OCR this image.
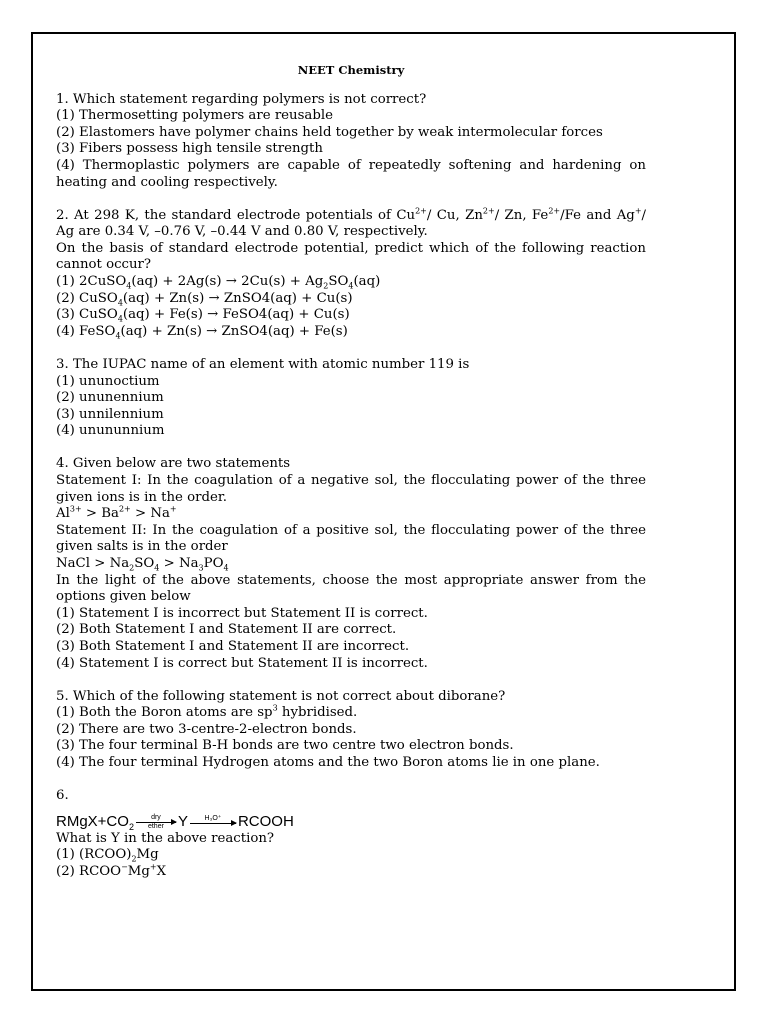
NEET Chemistry
1. Which statement regarding polymers is not correct?
(1) Thermosetting polymers are reusable
(2) Elastomers have polymer chains held together by weak intermolecular forces
(3) Fibers possess high tensile strength
(4) Thermoplastic polymers are capable of repeatedly softening and hardening on heating and cooling respectively.
2. At 298 K, the standard electrode potentials of $Cu^{2+}/$ Cu, $Zn^{2+}/$ Zn, $Fe^{2+}/Fe$ and Ag+/ Ag are 0.34 V, –0.76 V, –0.44 V and 0.80 V, respectively.
On the basis of standard electrode potential, predict which of the following reaction cannot occur?
(1) 2CuSO$_4$(aq) + $2Ag(s) \to 2Cu(s) + Ag_2SO_4(aq)$
(2) CuSO$_4$(aq) + Zn(s) → ZnSO4(aq) + Cu(s)
(3) CuSO$_4$(aq) + Fe(s) → FeSO4(aq) + Cu(s)
(4) FeSO$_4$(aq) + Zn(s) → ZnSO4(aq) + Fe(s)
3. The IUPAC name of an element with atomic number 119 is
(1) ununoctium
(2) ununennium
(3) unnilennium
(4) unununnium
4. Given below are two statements
Statement I: In the coagulation of a negative sol, the flocculating power of the three given ions is in the order.
$Al^{3+} > Ba^{2+} > Na^+$
Statement II: In the coagulation of a positive sol, the flocculating power of the three given salts is in the order
NaCl > $Na_2SO_4 > Na_3PO_4$
In the light of the above statements, choose the most appropriate answer from the options given below
(1) Statement I is incorrect but Statement II is correct.
(2) Both Statement I and Statement II are correct.
(3) Both Statement I and Statement II are incorrect.
(4) Statement I is correct but Statement II is incorrect.
5. Which of the following statement is not correct about diborane?
(1) Both the Boron atoms are $sp^3$ hybridised.
(2) There are two 3-centre-2-electron bonds.
(3) The four terminal B-H bonds are two centre two electron bonds.
(4) The four terminal Hydrogen atoms and the two Boron atoms lie in one plane.
6.
$RMgX+CO_2$
dry
ether Y H₃O⁺ RCOOH
What is Y in the above reaction?
(1) $(RCOO)_2Mg$
(2) RCOO−Mg+X
